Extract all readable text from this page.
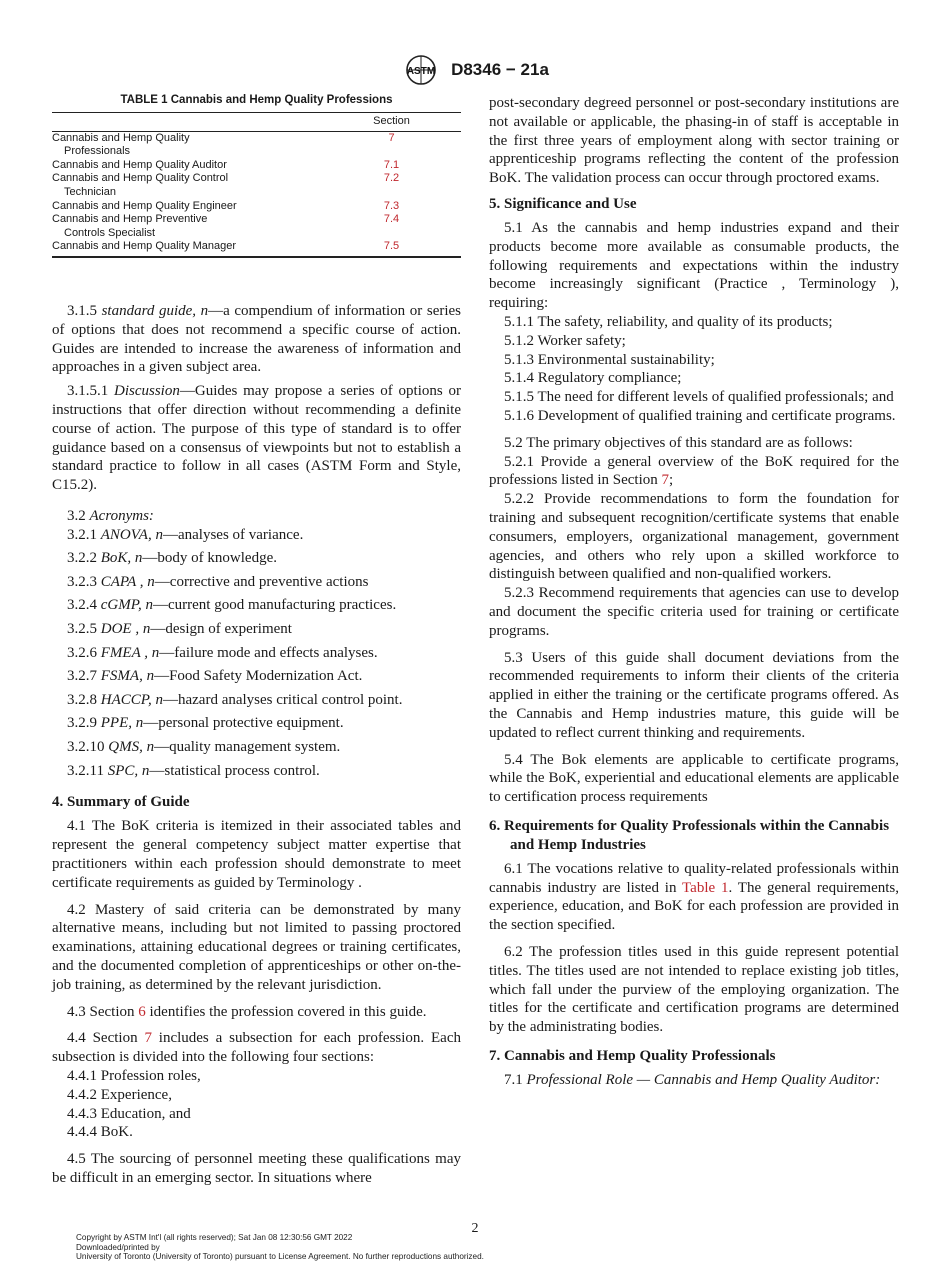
ASTM D8346 − 21a
TABLE 1 Cannabis and Hemp Quality Professions
	Section
Cannabis and Hemp Quality
Professionals	7
Cannabis and Hemp Quality Auditor	7.1
Cannabis and Hemp Quality Control
Technician	7.2
Cannabis and Hemp Quality Engineer	7.3
Cannabis and Hemp Preventive
Controls Specialist	7.4
Cannabis and Hemp Quality Manager	7.5

3.1.5 standard guide, n—a compendium of information or series of options that does not recommend a specific course of action. Guides are intended to increase the awareness of information and approaches in a given subject area.

3.1.5.1 Discussion—Guides may propose a series of options or instructions that offer direction without recommending a definite course of action. The purpose of this type of standard is to offer guidance based on a consensus of viewpoints but not to establish a standard practice to follow in all cases (ASTM Form and Style, C15.2).

3.2 Acronyms:

3.2.1 ANOVA, n—analyses of variance.

3.2.2 BoK, n—body of knowledge.

3.2.3 CAPA , n—corrective and preventive actions

3.2.4 cGMP, n—current good manufacturing practices.

3.2.5 DOE , n—design of experiment

3.2.6 FMEA , n—failure mode and effects analyses.

3.2.7 FSMA, n—Food Safety Modernization Act.

3.2.8 HACCP, n—hazard analyses critical control point.

3.2.9 PPE, n—personal protective equipment.

3.2.10 QMS, n—quality management system.

3.2.11 SPC, n—statistical process control.

4. Summary of Guide

4.1 The BoK criteria is itemized in their associated tables and represent the general competency subject matter expertise that practitioners within each profession should demonstrate to meet certificate requirements as guided by Terminology .

4.2 Mastery of said criteria can be demonstrated by many alternative means, including but not limited to passing proctored examinations, attaining educational degrees or training certificates, and the documented completion of apprenticeships or other on-the-job training, as determined by the relevant jurisdiction.

4.3 Section 6 identifies the profession covered in this guide.

4.4 Section 7 includes a subsection for each profession. Each subsection is divided into the following four sections:

4.4.1 Profession roles,

4.4.2 Experience,

4.4.3 Education, and

4.4.4 BoK.

4.5 The sourcing of personnel meeting these qualifications may be difficult in an emerging sector. In situations where

post-secondary degreed personnel or post-secondary institutions are not available or applicable, the phasing-in of staff is acceptable in the first three years of employment along with sector training or apprenticeship programs reflecting the content of the profession BoK. The validation process can occur through proctored exams.

5. Significance and Use

5.1 As the cannabis and hemp industries expand and their products become more available as consumable products, the following requirements and expectations within the industry become increasingly significant (Practice , Terminology ), requiring:

5.1.1 The safety, reliability, and quality of its products;

5.1.2 Worker safety;

5.1.3 Environmental sustainability;

5.1.4 Regulatory compliance;

5.1.5 The need for different levels of qualified professionals; and

5.1.6 Development of qualified training and certificate programs.

5.2 The primary objectives of this standard are as follows:

5.2.1 Provide a general overview of the BoK required for the professions listed in Section 7;

5.2.2 Provide recommendations to form the foundation for training and subsequent recognition/certificate systems that enable consumers, employers, organizational management, government agencies, and others who rely upon a skilled workforce to distinguish between qualified and non-qualified workers.

5.2.3 Recommend requirements that agencies can use to develop and document the specific criteria used for training or certificate programs.

5.3 Users of this guide shall document deviations from the recommended requirements to inform their clients of the criteria applied in either the training or the certificate programs offered. As the Cannabis and Hemp industries mature, this guide will be updated to reflect current thinking and requirements.

5.4 The Bok elements are applicable to certificate programs, while the BoK, experiential and educational elements are applicable to certification process requirements

6. Requirements for Quality Professionals within the Cannabis and Hemp Industries

6.1 The vocations relative to quality-related professionals within cannabis industry are listed in Table 1. The general requirements, experience, education, and BoK for each profession are provided in the section specified.

6.2 The profession titles used in this guide represent potential titles. The titles used are not intended to replace existing job titles, which fall under the purview of the employing organization. The titles for the certificate and certification programs are determined by the administrating bodies.

7. Cannabis and Hemp Quality Professionals

7.1 Professional Role — Cannabis and Hemp Quality Auditor:

2
Copyright by ASTM Int'l (all rights reserved); Sat Jan 08 12:30:56 GMT 2022
Downloaded/printed by
University of Toronto (University of Toronto) pursuant to License Agreement. No further reproductions authorized.
